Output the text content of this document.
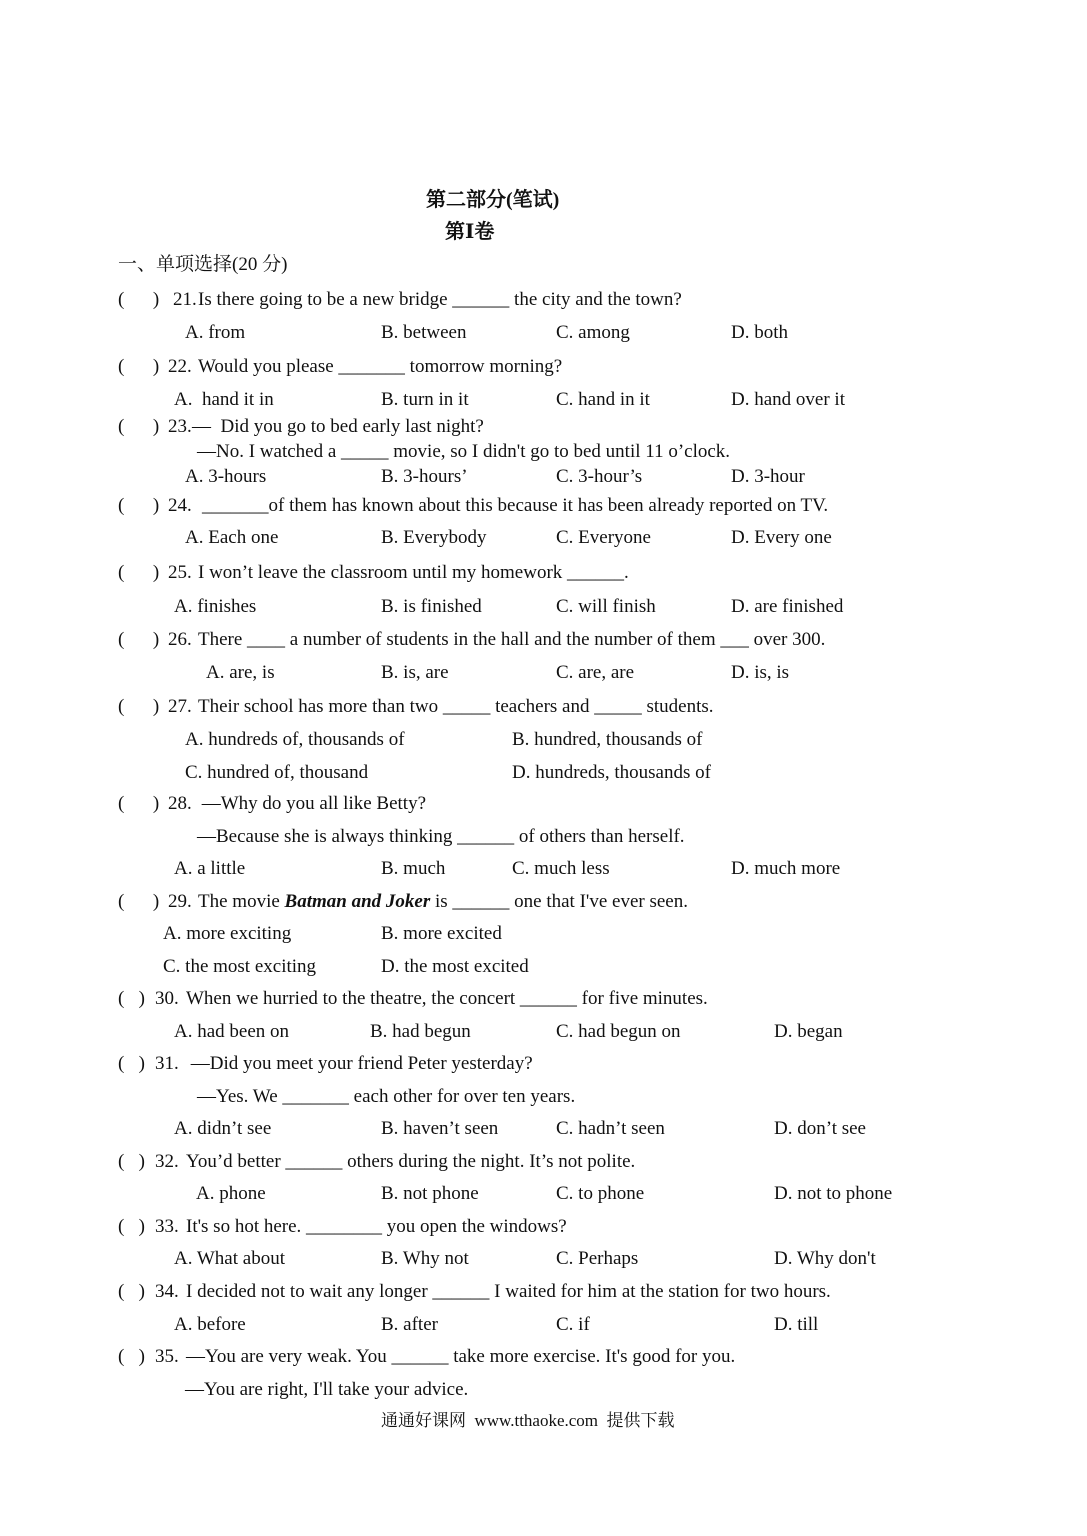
第二部分(笔试)
第Ⅰ卷
一、单项选择(20 分)
(      ) 21. Is there going to be a new bridge ______ the city and the town?
A. from	B. between	C. among	D. both
(      ) 22. Would you please _______ tomorrow morning?
A.  hand it in	B. turn in it	C. hand in it	D. hand over it
(      ) 23. —  Did you go to bed early last night?
—No. I watched a _____ movie, so I didn't go to bed until 11 o’clock.
A. 3-hours	B. 3-hours’	C. 3-hour’s	D. 3-hour
(      ) 24. _______of them has known about this because it has been already reported on TV.
A. Each one	B. Everybody	C. Everyone	D. Every one
(      ) 25. I won’t leave the classroom until my homework ______.
A. finishes	B. is finished	C. will finish	D. are finished
(      ) 26. There ____ a number of students in the hall and the number of them ___ over 300.
A. are, is	B. is, are	C. are, are	D. is, is
(      ) 27. Their school has more than two _____ teachers and _____ students.
A. hundreds of, thousands of	B. hundred, thousands of
C. hundred of, thousand	D. hundreds, thousands of
(      ) 28. —Why do you all like Betty?
—Because she is always thinking ______ of others than herself.
A. a little	B. much	C. much less	D. much more
(      ) 29. The movie Batman and Joker is ______ one that I've ever seen.
A. more exciting	B. more excited
C. the most exciting	D. the most excited
(   ) 30. When we hurried to the theatre, the concert ______ for five minutes.
A. had been on	B. had begun	C. had begun on	D. began
(   ) 31. —Did you meet your friend Peter yesterday?
—Yes. We _______ each other for over ten years.
A. didn’t see	B. haven’t seen	C. hadn’t seen	D. don’t see
(   ) 32. You’d better ______ others during the night. It’s not polite.
A. phone	B. not phone	C. to phone	D. not to phone
(   ) 33. It's so hot here. ________ you open the windows?
A. What about	B. Why not	C. Perhaps	D. Why don't
(   ) 34. I decided not to wait any longer ______ I waited for him at the station for two hours.
A. before	B. after	C. if	D. till
(   ) 35. —You are very weak. You ______ take more exercise. It's good for you.
—You are right, I'll take your advice.
通通好课网  www.tthaoke.com  提供下载
